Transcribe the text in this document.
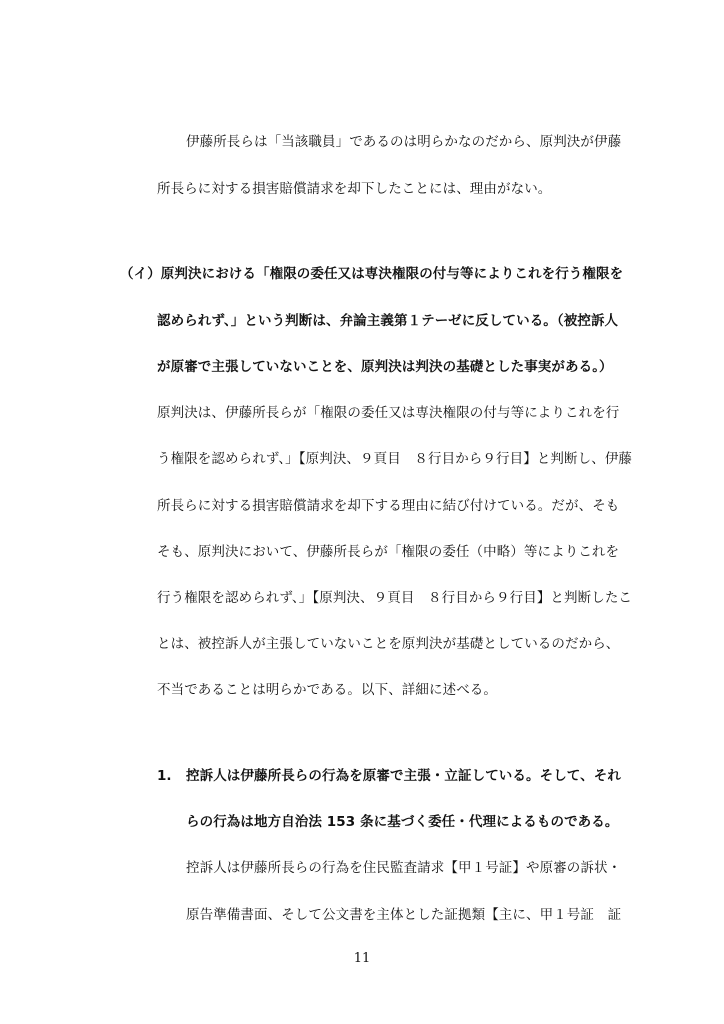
伊藤所長らは「当該職員」であるのは明らかなのだから、原判決が伊藤
所長らに対する損害賠償請求を却下したことには、理由がない。
（イ）原判決における「権限の委任又は専決権限の付与等によりこれを行う権限を
認められず、」という判断は、弁論主義第１テーゼに反している。（被控訴人
が原審で主張していないことを、原判決は判決の基礎とした事実がある。）
原判決は、伊藤所長らが「権限の委任又は専決権限の付与等によりこれを行
う権限を認められず、」【原判決、９頁目　８行目から９行目】と判断し、伊藤
所長らに対する損害賠償請求を却下する理由に結び付けている。だが、そも
そも、原判決において、伊藤所長らが「権限の委任（中略）等によりこれを
行う権限を認められず、」【原判決、９頁目　８行目から９行目】と判断したこ
とは、被控訴人が主張していないことを原判決が基礎としているのだから、
不当であることは明らかである。以下、詳細に述べる。
1. 控訴人は伊藤所長らの行為を原審で主張・立証している。そして、それ
らの行為は地方自治法 153 条に基づく委任・代理によるものである。
控訴人は伊藤所長らの行為を住民監査請求【甲１号証】や原審の訴状・
原告準備書面、そして公文書を主体とした証拠類【主に、甲１号証　証
11
